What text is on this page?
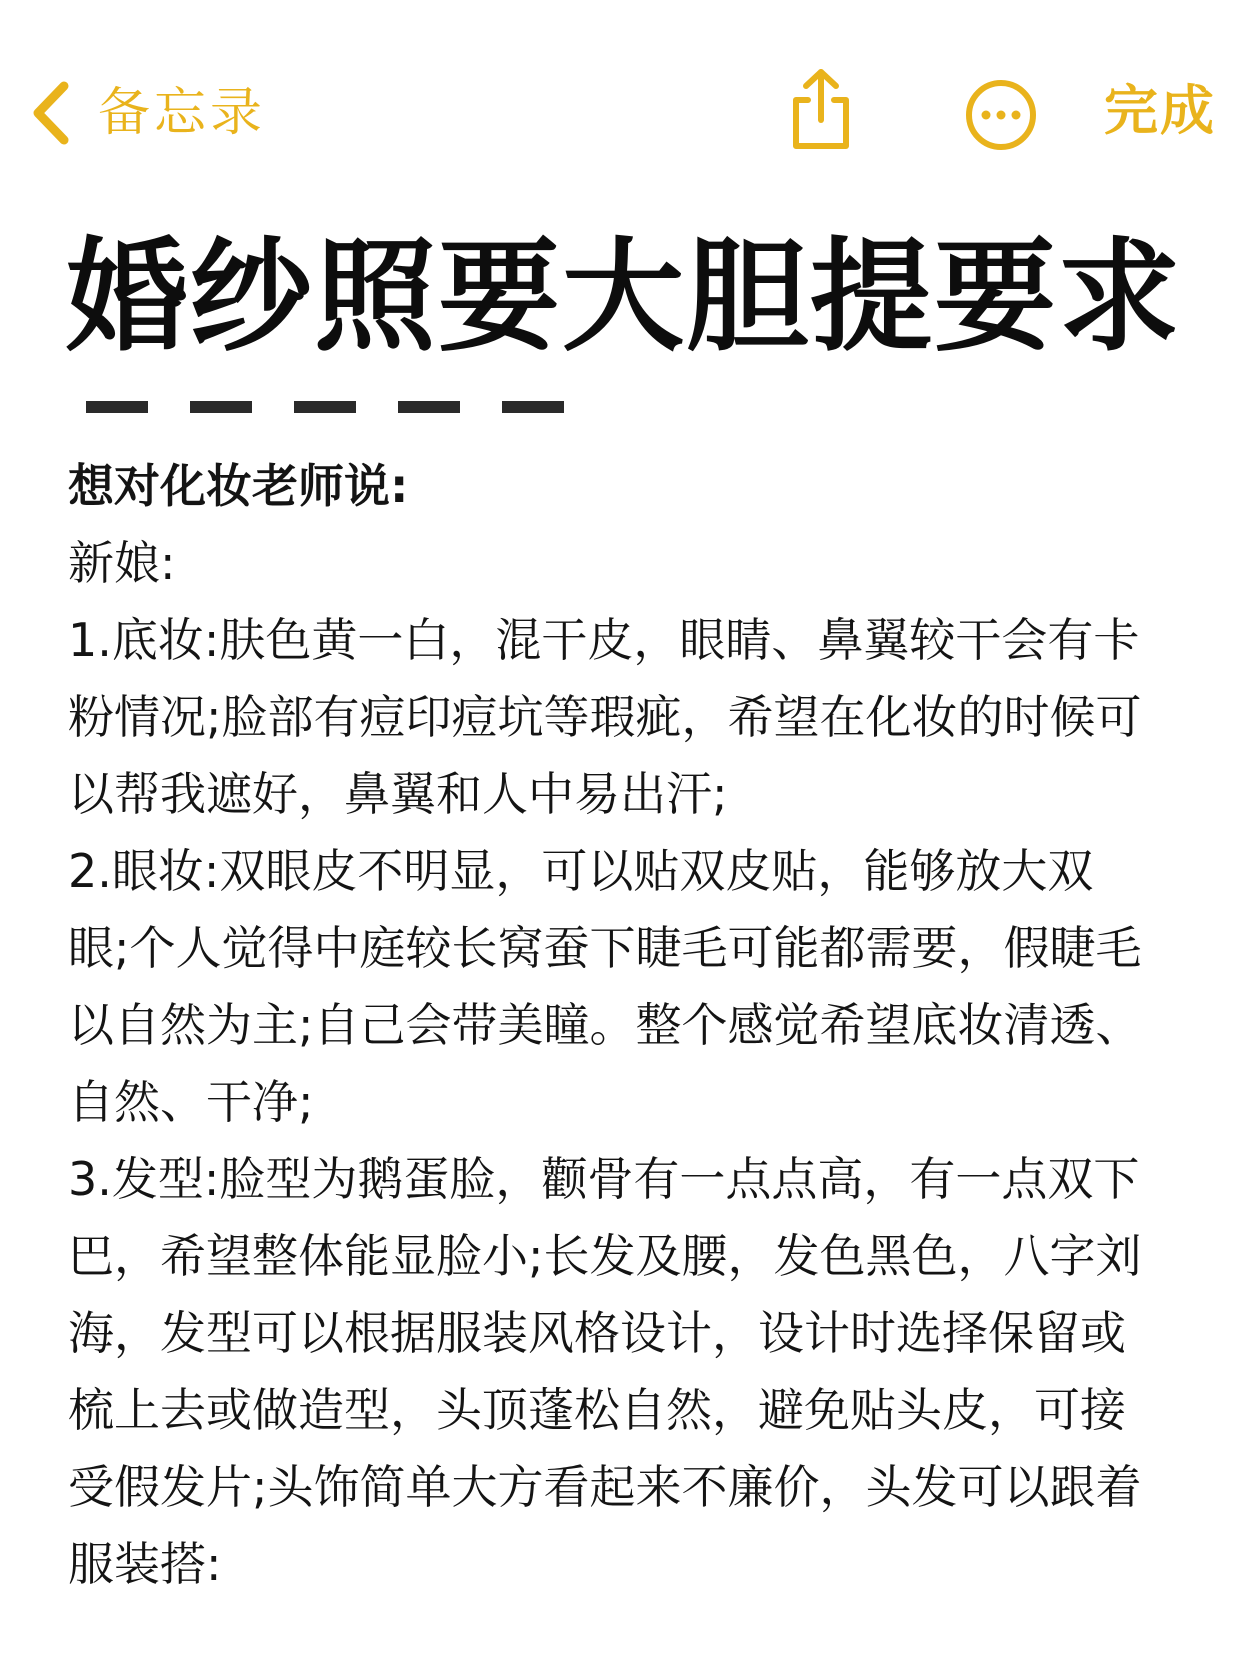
备忘录	完成
婚纱照要大胆提要求

想对化妆老师说:

新娘:

1.底妆:肤色黄一白，混干皮，眼睛、鼻翼较干会有卡粉情况;脸部有痘印痘坑等瑕疵，希望在化妆的时候可以帮我遮好，鼻翼和人中易出汗;

2.眼妆:双眼皮不明显，可以贴双皮贴，能够放大双眼;个人觉得中庭较长窝蚕下睫毛可能都需要，假睫毛以自然为主;自己会带美瞳。整个感觉希望底妆清透、自然、干净;

3.发型:脸型为鹅蛋脸，颧骨有一点点高，有一点双下巴，希望整体能显脸小;长发及腰，发色黑色，八字刘海，发型可以根据服装风格设计，设计时选择保留或梳上去或做造型，头顶蓬松自然，避免贴头皮，可接受假发片;头饰简单大方看起来不廉价，头发可以跟着服装搭:
